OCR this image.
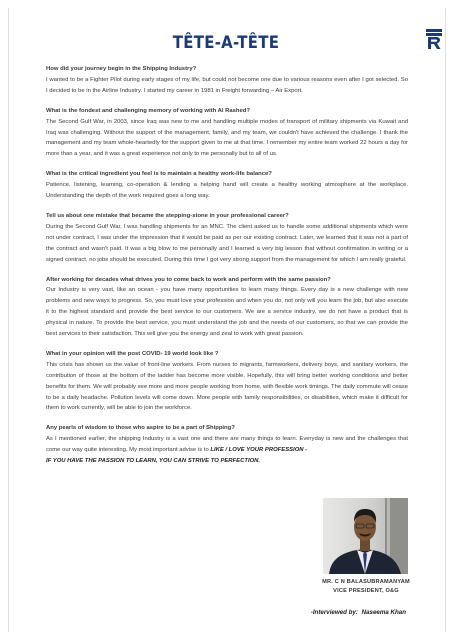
TÊTE-A-TÊTE
How did your journey begin in the Shipping Industry?
I wanted to be a Fighter Pilot during early stages of my life, but could not become one due to various reasons even after I got selected. So I decided to be in the Airline Industry. I started my career in 1981 in Freight forwarding – Air Export.
What is the fondest and challenging memory of working with Al Rashed?
The Second Gulf War, in 2003, since Iraq was new to me and handling multiple modes of transport of military shipments via Kuwait and Iraq was challenging. Without the support of the management, family, and my team, we couldn't have achieved the challenge. I thank the management and my team whole-heartedly for the support given to me at that time. I remember my entire team worked 22 hours a day for more than a year, and it was a great experience not only to me personally but to all of us.
What is the critical ingredient you feel is to maintain a healthy work-life balance?
Patience, listening, learning, co-operation & lending a helping hand will create a healthy working atmosphere at the workplace. Understanding the depth of the work required goes a long way.
Tell us about one mistake that became the stepping-stone in your professional career?
During the Second Gulf War, I was handling shipments for an MNC. The client asked us to handle some additional shipments which were not under contract, I was under the impression that it would be paid as per our existing contract. Later, we learned that it was not a part of the contract and wasn't paid. It was a big blow to me personally and I learned a very big lesson that without confirmation in writing or a signed contract, no jobs should be executed. During this time I got very strong support from the management for which I am really grateful.
After working for decades what drives you to come back to work and perform with the same passion?
Our Industry is very vast, like an ocean - you have many opportunities to learn many things. Every day is a new challenge with new problems and new ways to progress. So, you must love your profession and when you do, not only will you learn the job, but also execute it to the highest standard and provide the best service to our customers. We are a service industry, we do not have a product that is physical in nature. To provide the best service, you must understand the job and the needs of our customers, so that we can provide the best services to their satisfaction. This will give you the energy and zeal to work with great passion.
What in your opinion will the post COVID- 19 world look like ?
This crisis has shown us the value of front-line workers. From nurses to migrants, farmworkers, delivery boys, and sanitary workers, the contribution of those at the bottom of the ladder has become more visible. Hopefully, this will bring better working conditions and better benefits for them. We will probably see more and more people working from home, with flexible work timings. The daily commute will cease to be a daily headache. Pollution levels will come down. More people with family responsibilities, or disabilities, which make it difficult for them to work currently, will be able to join the workforce.
Any pearls of wisdom to those who aspire to be a part of Shipping?
As I mentioned earlier, the shipping Industry is a vast one and there are many things to learn. Everyday is new and the challenges that come our way quite interesting. My most important advise is to LIKE / LOVE YOUR PROFESSION -
IF YOU HAVE THE PASSION TO LEARN, YOU CAN STRIVE TO PERFECTION.
MR. C N BALASUBRAMANYAM
VICE PRESIDENT, O&G
-Interviewed by: Naseema Khan
